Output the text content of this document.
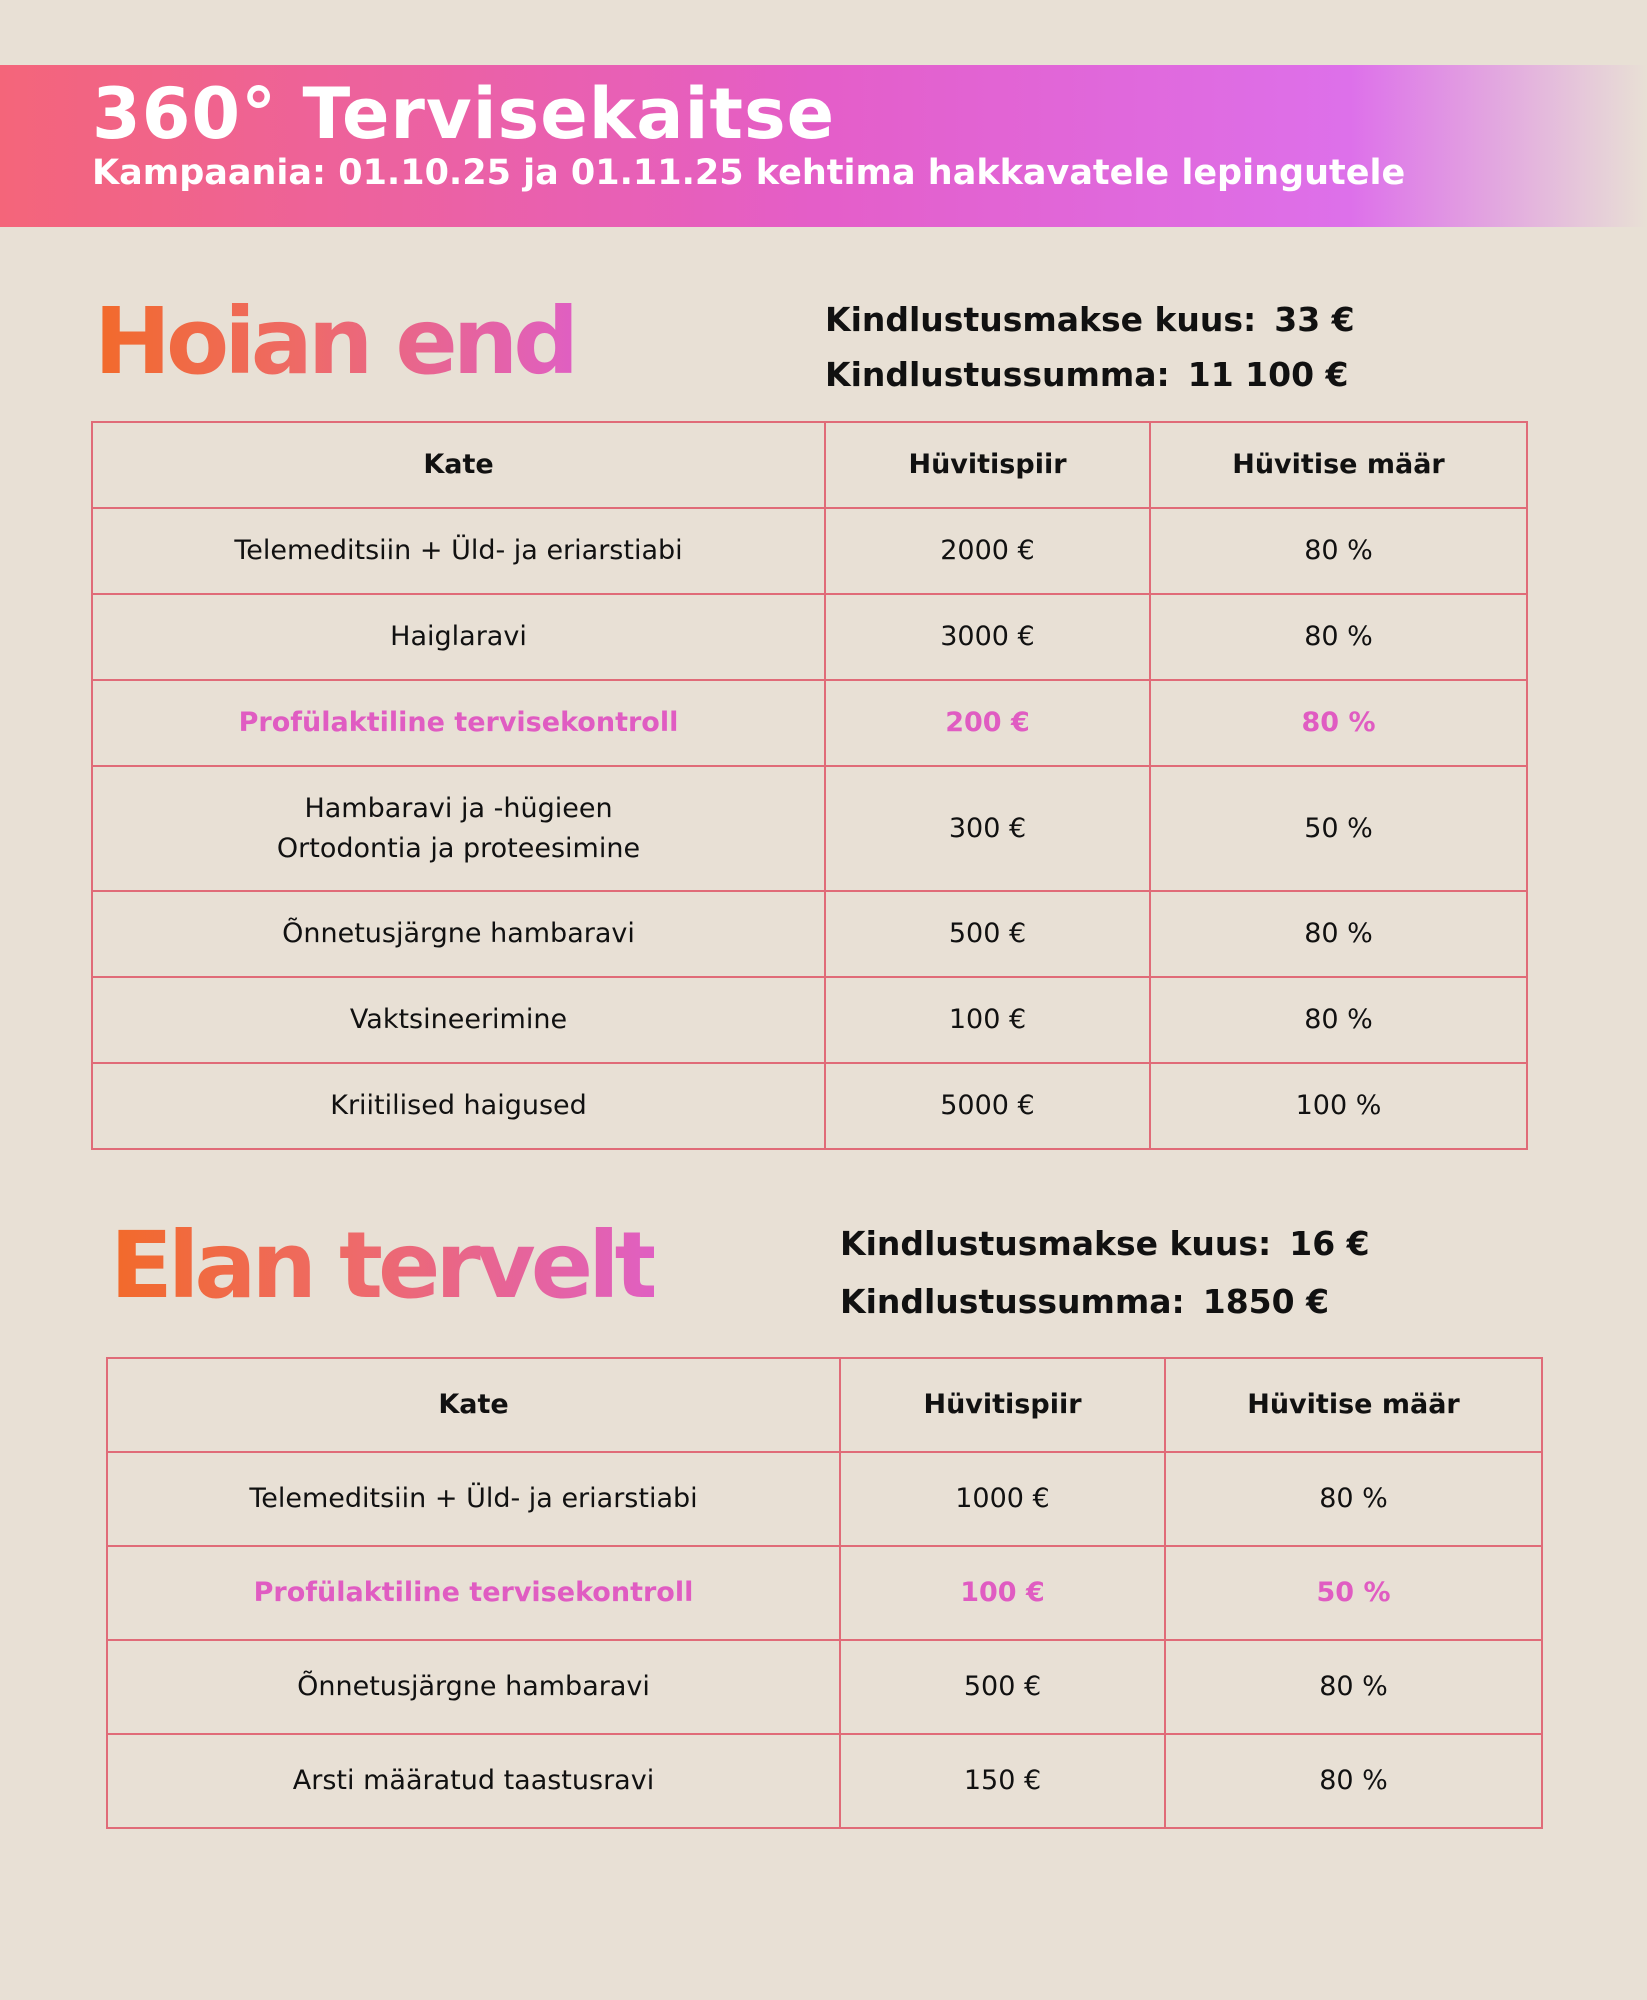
360° Tervisekaitse
Kampaania: 01.10.25 ja 01.11.25 kehtima hakkavatele lepingutele
Hoian end	Kindlustusmakse kuus: 33 €
Kindlustussumma: 11 100 €
Kate	Hüvitispiir	Hüvitise määr

Telemeditsiin + Üld- ja eriarstiabi	2000 €	80 %

Haiglaravi	3000 €	80 %

Profülaktiline tervisekontroll	200 €	80 %

Hambaravi ja -hügieen
Ortodontia ja proteesimine	300 €	50 %

Õnnetusjärgne hambaravi	500 €	80 %

Vaktsineerimine	100 €	80 %

Kriitilised haigused	5000 €	100 %
Elan tervelt	Kindlustusmakse kuus: 16 €
Kindlustussumma: 1850 €
Kate	Hüvitispiir	Hüvitise määr

Telemeditsiin + Üld- ja eriarstiabi	1000 €	80 %

Profülaktiline tervisekontroll	100 €	50 %

Õnnetusjärgne hambaravi	500 €	80 %

Arsti määratud taastusravi	150 €	80 %
